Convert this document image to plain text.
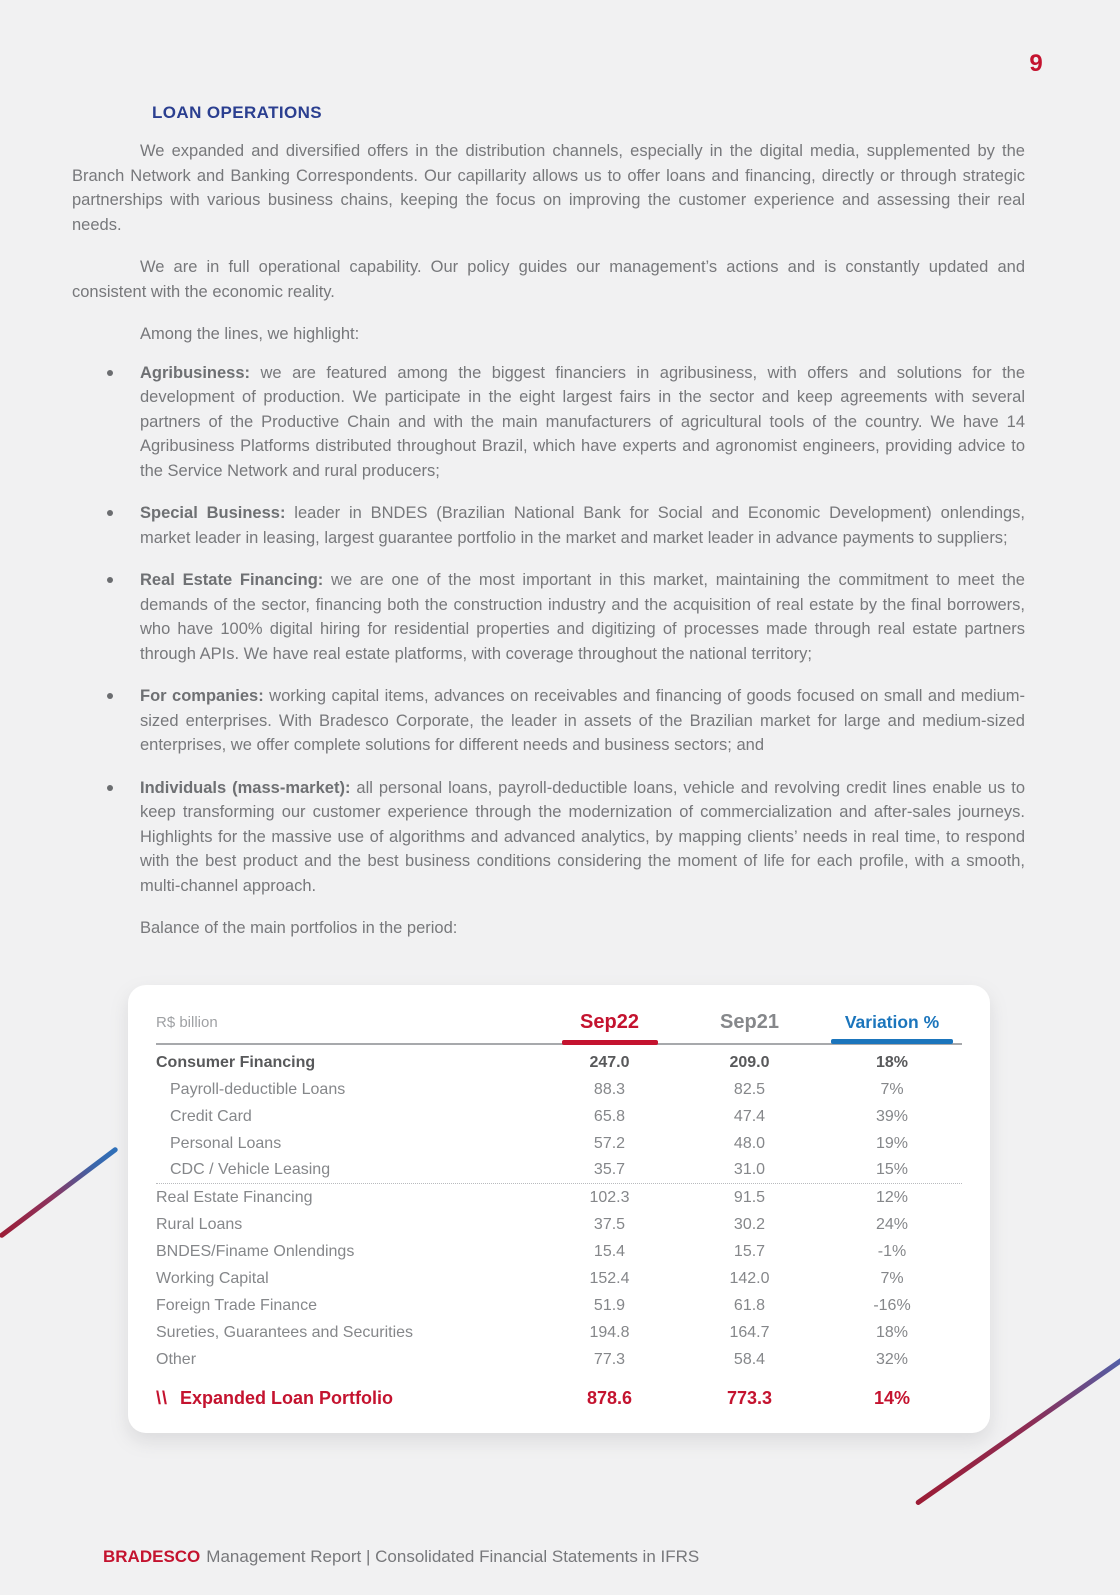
9
LOAN OPERATIONS

We expanded and diversified offers in the distribution channels, especially in the digital media, supplemented by the Branch Network and Banking Correspondents. Our capillarity allows us to offer loans and financing, directly or through strategic partnerships with various business chains, keeping the focus on improving the customer experience and assessing their real needs.

We are in full operational capability. Our policy guides our management’s actions and is constantly updated and consistent with the economic reality.

Among the lines, we highlight:

Agribusiness: we are featured among the biggest financiers in agribusiness, with offers and solutions for the development of production. We participate in the eight largest fairs in the sector and keep agreements with several partners of the Productive Chain and with the main manufacturers of agricultural tools of the country. We have 14 Agribusiness Platforms distributed throughout Brazil, which have experts and agronomist engineers, providing advice to the Service Network and rural producers;
Special Business: leader in BNDES (Brazilian National Bank for Social and Economic Development) onlendings, market leader in leasing, largest guarantee portfolio in the market and market leader in advance payments to suppliers;
Real Estate Financing: we are one of the most important in this market, maintaining the commitment to meet the demands of the sector, financing both the construction industry and the acquisition of real estate by the final borrowers, who have 100% digital hiring for residential properties and digitizing of processes made through real estate partners through APIs. We have real estate platforms, with coverage throughout the national territory;
For companies: working capital items, advances on receivables and financing of goods focused on small and medium-sized enterprises. With Bradesco Corporate, the leader in assets of the Brazilian market for large and medium-sized enterprises, we offer complete solutions for different needs and business sectors; and
Individuals (mass-market): all personal loans, payroll-deductible loans, vehicle and revolving credit lines enable us to keep transforming our customer experience through the modernization of commercialization and after-sales journeys. Highlights for the massive use of algorithms and advanced analytics, by mapping clients’ needs in real time, to respond with the best product and the best business conditions considering the moment of life for each profile, with a smooth, multi-channel approach.

Balance of the main portfolios in the period:

R$ billion	Sep22	Sep21	Variation %
Consumer Financing	247.0	209.0	18%
Payroll-deductible Loans	88.3	82.5	7%
Credit Card	65.8	47.4	39%
Personal Loans	57.2	48.0	19%
CDC / Vehicle Leasing	35.7	31.0	15%
Real Estate Financing	102.3	91.5	12%
Rural Loans	37.5	30.2	24%
BNDES/Finame Onlendings	15.4	15.7	-1%
Working Capital	152.4	142.0	7%
Foreign Trade Finance	51.9	61.8	-16%
Sureties, Guarantees and Securities	194.8	164.7	18%
Other	77.3	58.4	32%
\\ Expanded Loan Portfolio	878.6	773.3	14%
BRADESCO Management Report | Consolidated Financial Statements in IFRS
